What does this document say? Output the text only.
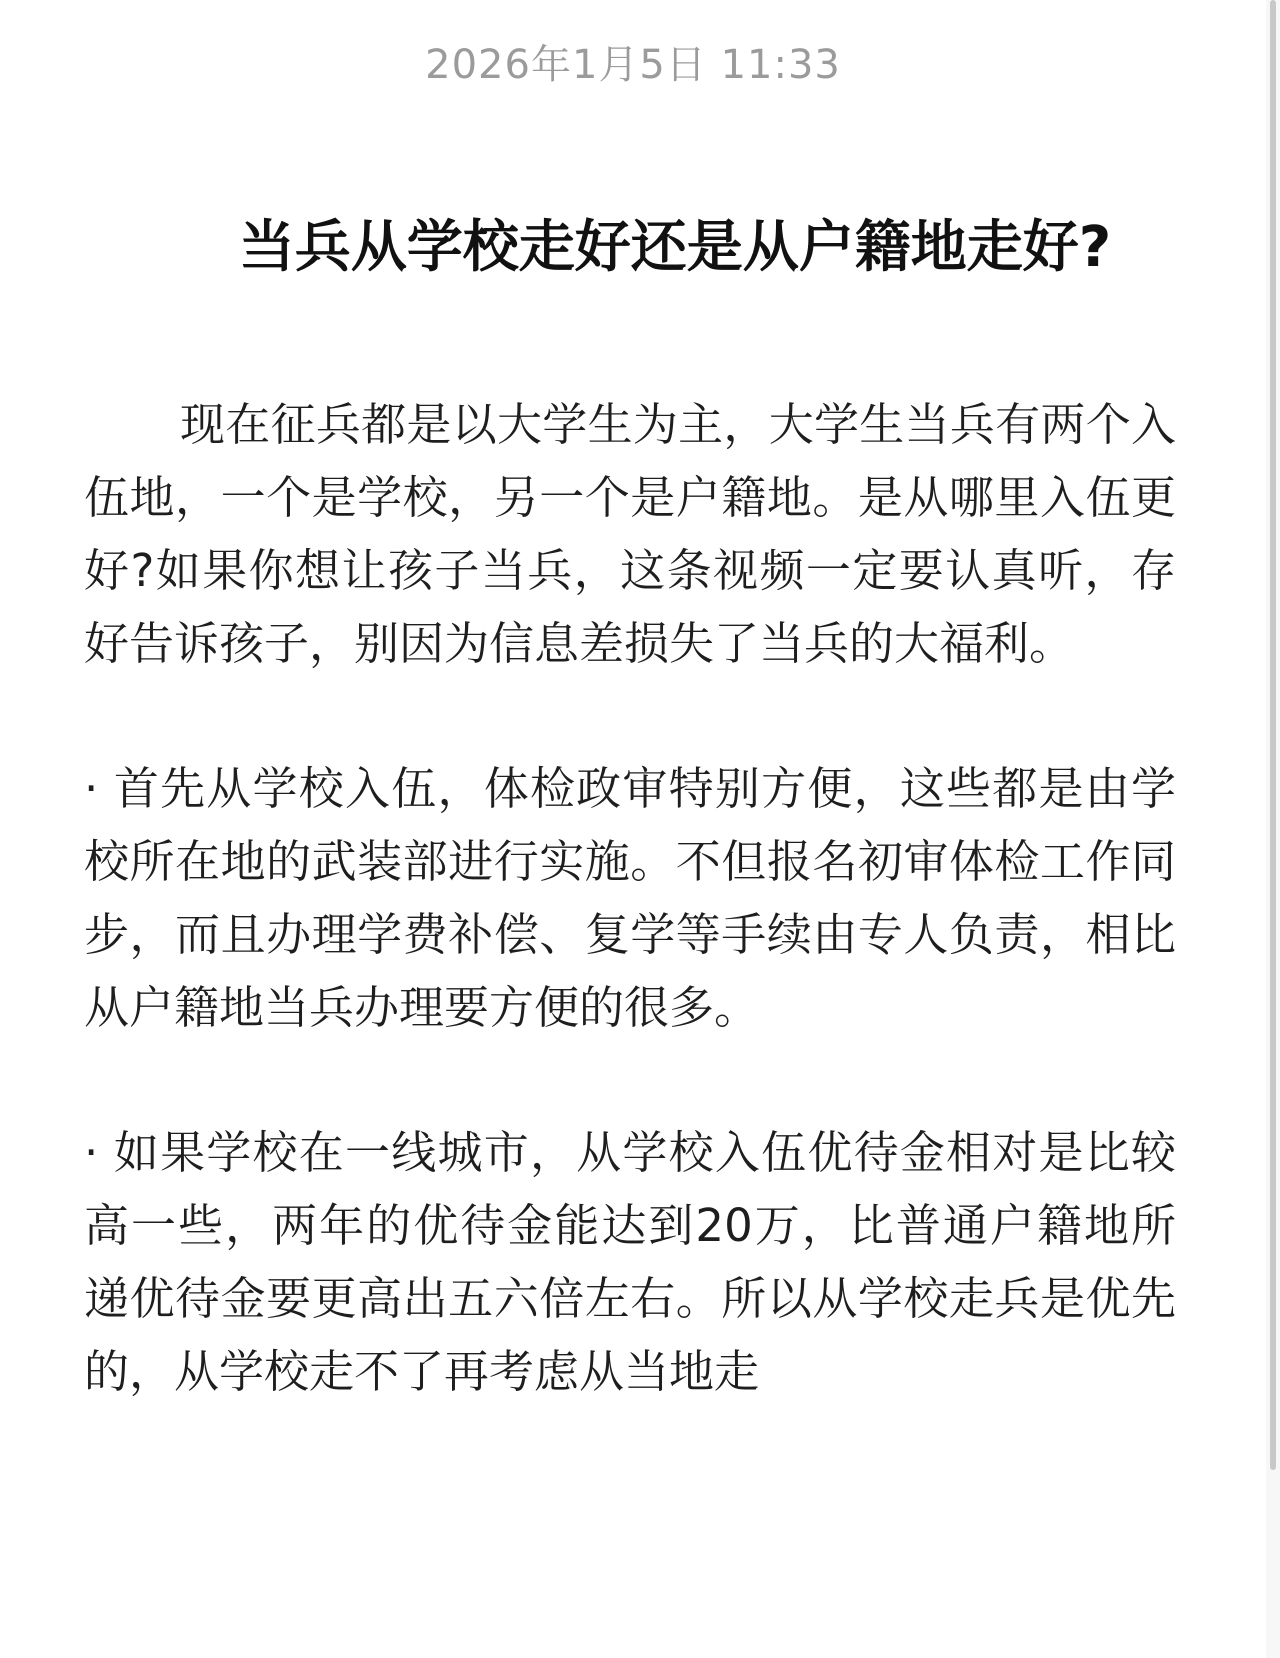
2026年1月5日 11:33
当兵从学校走好还是从户籍地走好?

现在征兵都是以大学生为主，大学生当兵有两个入伍地，一个是学校，另一个是户籍地。是从哪里入伍更好?如果你想让孩子当兵，这条视频一定要认真听，存好告诉孩子，别因为信息差损失了当兵的大福利。

· 首先从学校入伍，体检政审特别方便，这些都是由学校所在地的武装部进行实施。不但报名初审体检工作同步，而且办理学费补偿、复学等手续由专人负责，相比从户籍地当兵办理要方便的很多。

· 如果学校在一线城市，从学校入伍优待金相对是比较高一些，两年的优待金能达到20万，比普通户籍地所递优待金要更高出五六倍左右。所以从学校走兵是优先的，从学校走不了再考虑从当地走
